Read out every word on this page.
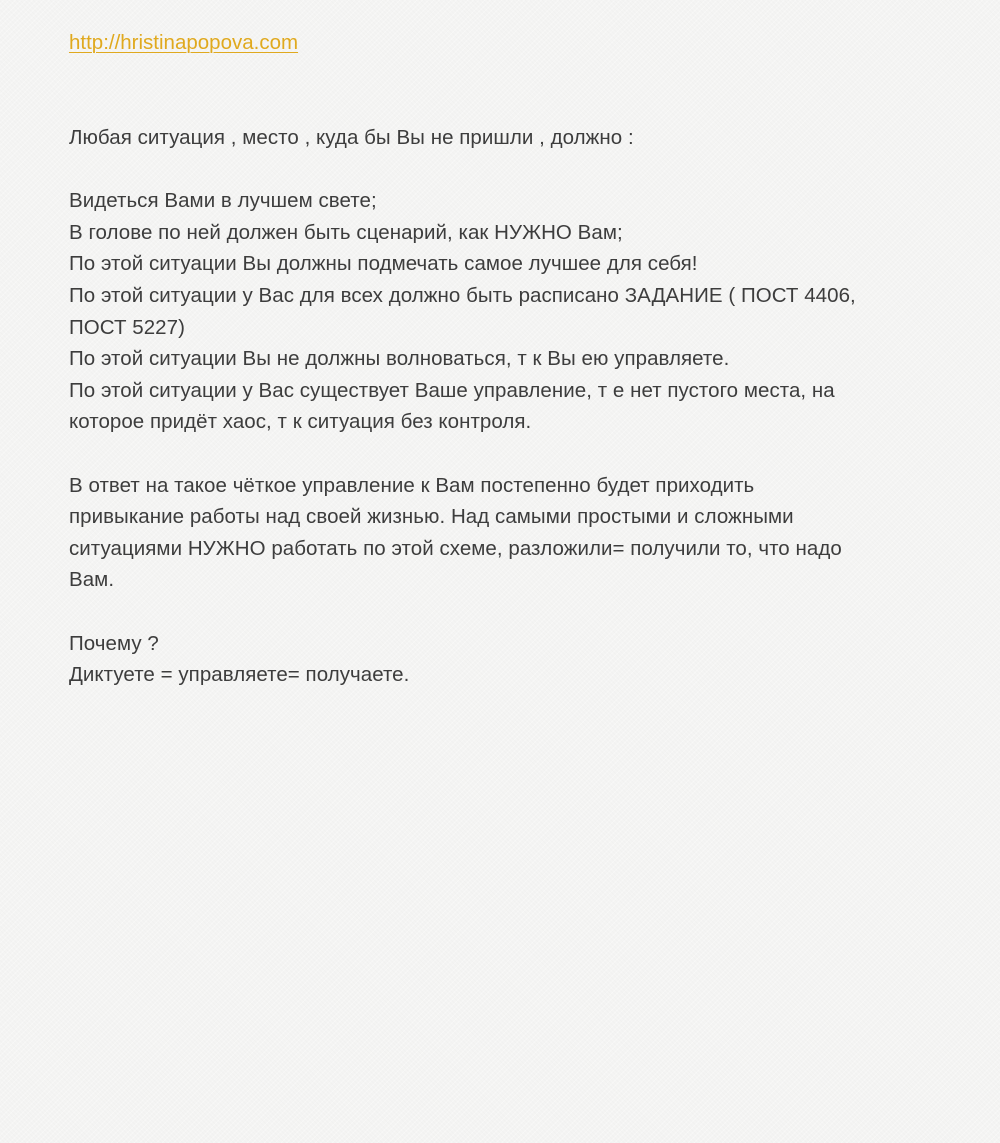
http://hristinapopova.com
Любая ситуация , место , куда бы Вы не пришли , должно :
Видеться Вами в лучшем свете;
В голове по ней должен быть сценарий, как НУЖНО Вам;
По этой ситуации Вы должны подмечать самое лучшее для себя!
По этой ситуации у Вас для всех должно быть расписано ЗАДАНИЕ ( ПОСТ 4406,
ПОСТ 5227)
По этой ситуации Вы не должны волноваться, т к Вы ею управляете.
По этой ситуации у Вас существует Ваше управление, т е нет пустого места, на
которое придёт хаос, т к ситуация без контроля.
В ответ на такое чёткое управление к Вам постепенно будет приходить
привыкание работы над своей жизнью. Над самыми простыми и сложными
ситуациями НУЖНО работать по этой схеме, разложили= получили то, что надо
Вам.
Почему ?
Диктуете = управляете= получаете.
